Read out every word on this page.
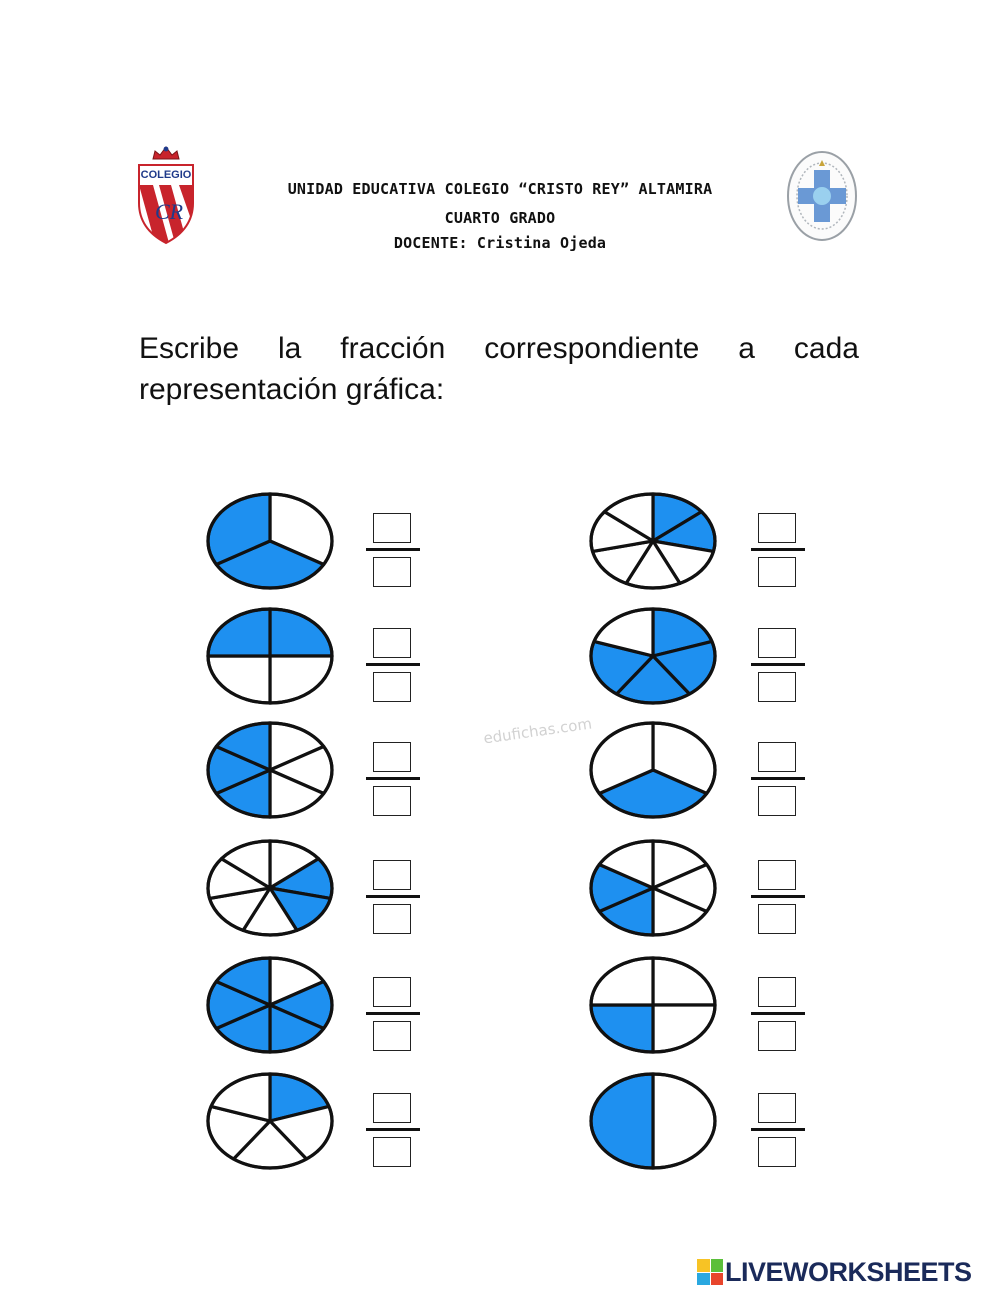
COLEGIO
CR
UNIDAD EDUCATIVA COLEGIO “CRISTO REY” ALTAMIRA
CUARTO GRADO
DOCENTE: Cristina Ojeda
Escribe la fracción correspondiente a cada
representación gráfica:
edufichas.com
LIVEWORKSHEETS
